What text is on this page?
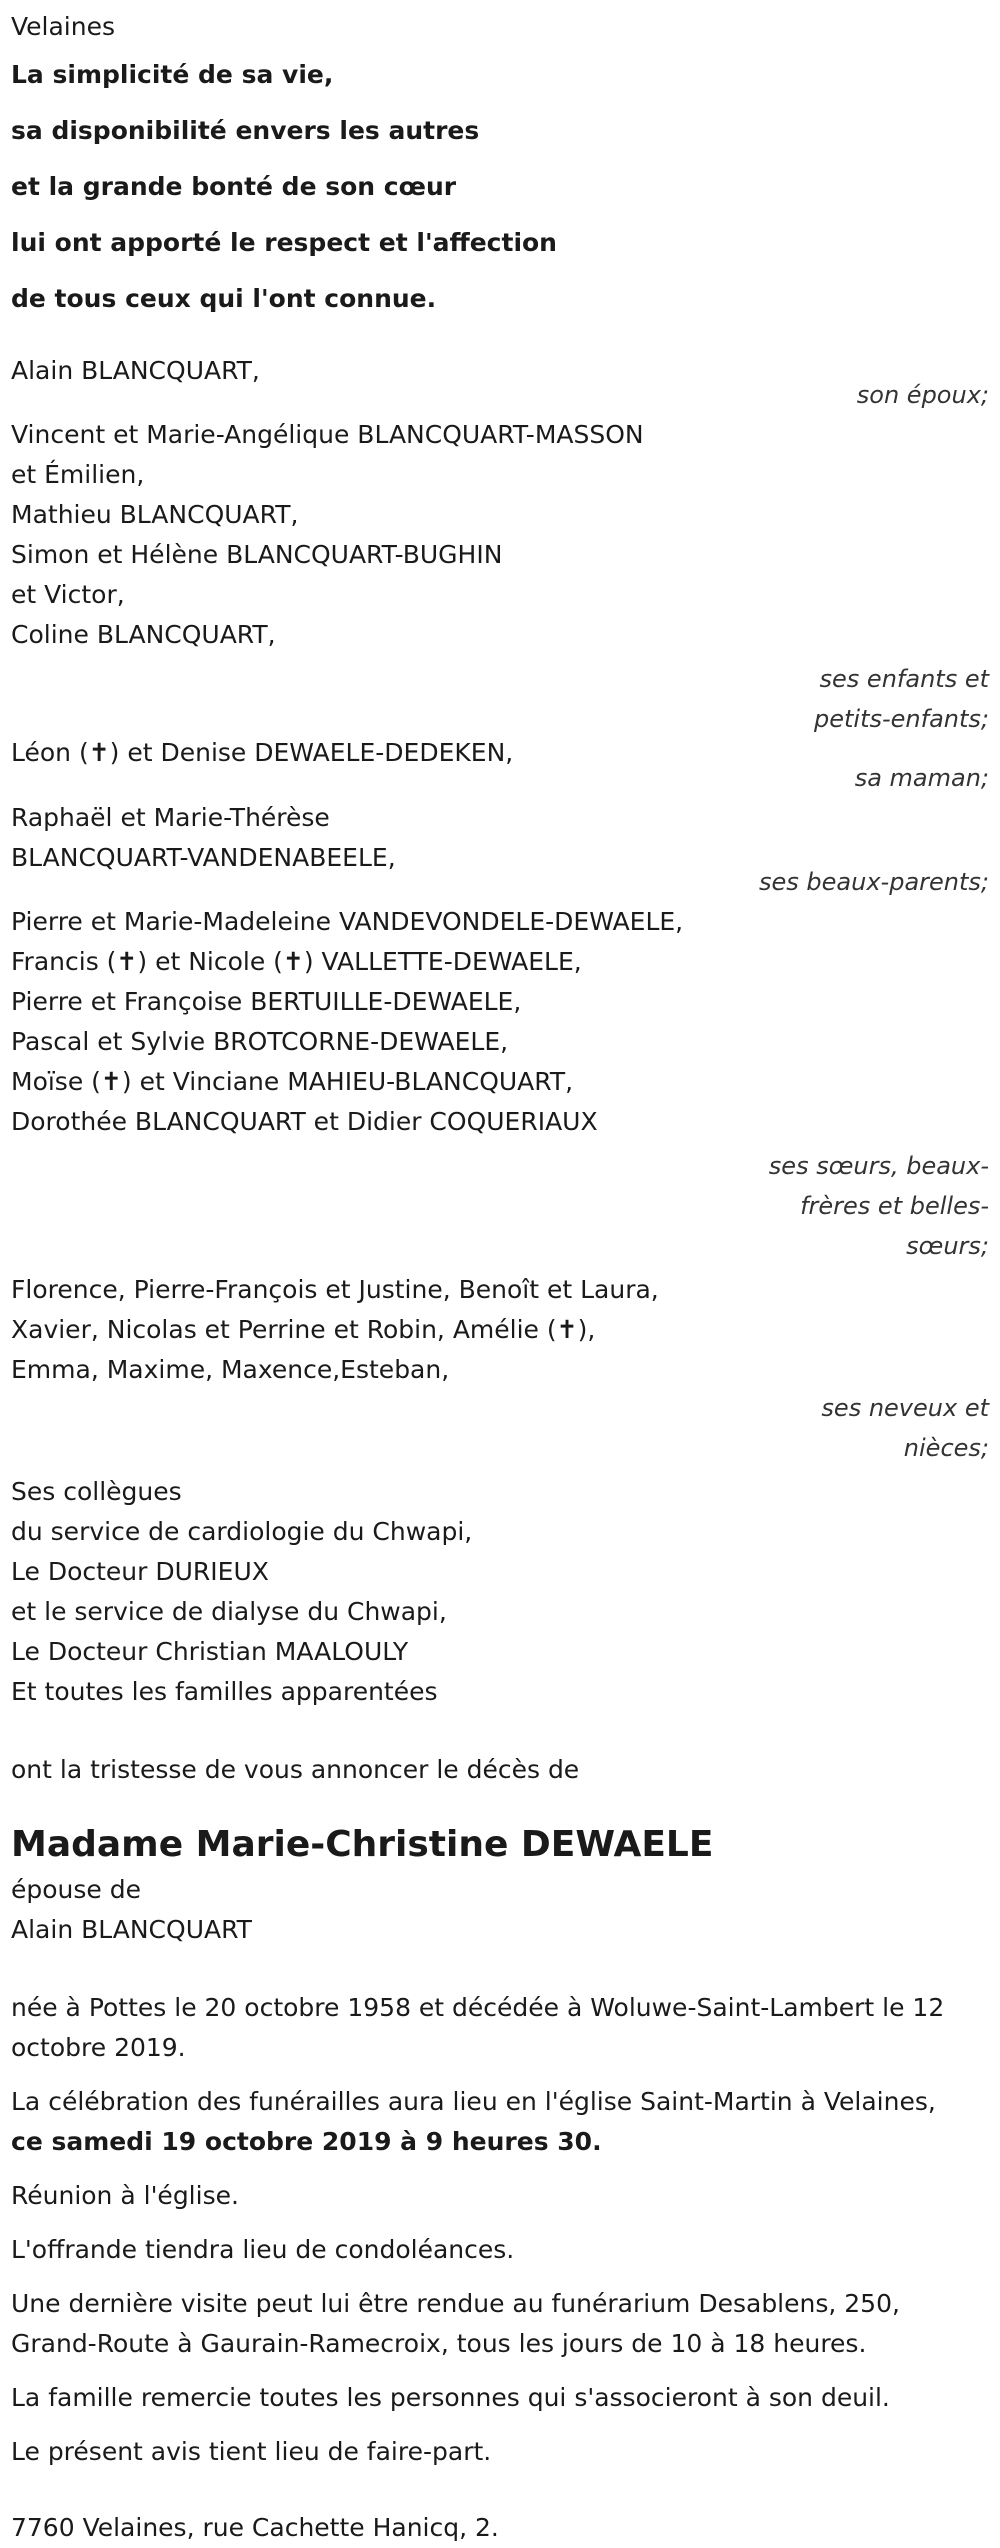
Velaines
La simplicité de sa vie,
sa disponibilité envers les autres
et la grande bonté de son cœur
lui ont apporté le respect et l'affection
de tous ceux qui l'ont connue.
Alain BLANCQUART,
son époux;
Vincent et Marie-Angélique BLANCQUART-MASSON
et Émilien,
Mathieu BLANCQUART,
Simon et Hélène BLANCQUART-BUGHIN
et Victor,
Coline BLANCQUART,
ses enfants et
petits-enfants;
Léon (✝) et Denise DEWAELE-DEDEKEN,
sa maman;
Raphaël et Marie-Thérèse
BLANCQUART-VANDENABEELE,
ses beaux-parents;
Pierre et Marie-Madeleine VANDEVONDELE-DEWAELE,
Francis (✝) et Nicole (✝) VALLETTE-DEWAELE,
Pierre et Françoise BERTUILLE-DEWAELE,
Pascal et Sylvie BROTCORNE-DEWAELE,
Moïse (✝) et Vinciane MAHIEU-BLANCQUART,
Dorothée BLANCQUART et Didier COQUERIAUX
ses sœurs, beaux-
frères et belles-
sœurs;
Florence, Pierre-François et Justine, Benoît et Laura,
Xavier, Nicolas et Perrine et Robin, Amélie (✝),
Emma, Maxime, Maxence,Esteban,
ses neveux et
nièces;
Ses collègues
du service de cardiologie du Chwapi,
Le Docteur DURIEUX
et le service de dialyse du Chwapi,
Le Docteur Christian MAALOULY
Et toutes les familles apparentées
ont la tristesse de vous annoncer le décès de
Madame Marie-Christine DEWAELE
épouse de
Alain BLANCQUART
née à Pottes le 20 octobre 1958 et décédée à Woluwe-Saint-Lambert le 12 octobre 2019.
La célébration des funérailles aura lieu en l'église Saint-Martin à Velaines,
ce samedi 19 octobre 2019 à 9 heures 30.
Réunion à l'église.
L'offrande tiendra lieu de condoléances.
Une dernière visite peut lui être rendue au funérarium Desablens, 250, Grand-Route à Gaurain-Ramecroix, tous les jours de 10 à 18 heures.
La famille remercie toutes les personnes qui s'associeront à son deuil.
Le présent avis tient lieu de faire-part.
7760 Velaines, rue Cachette Hanicq, 2.
